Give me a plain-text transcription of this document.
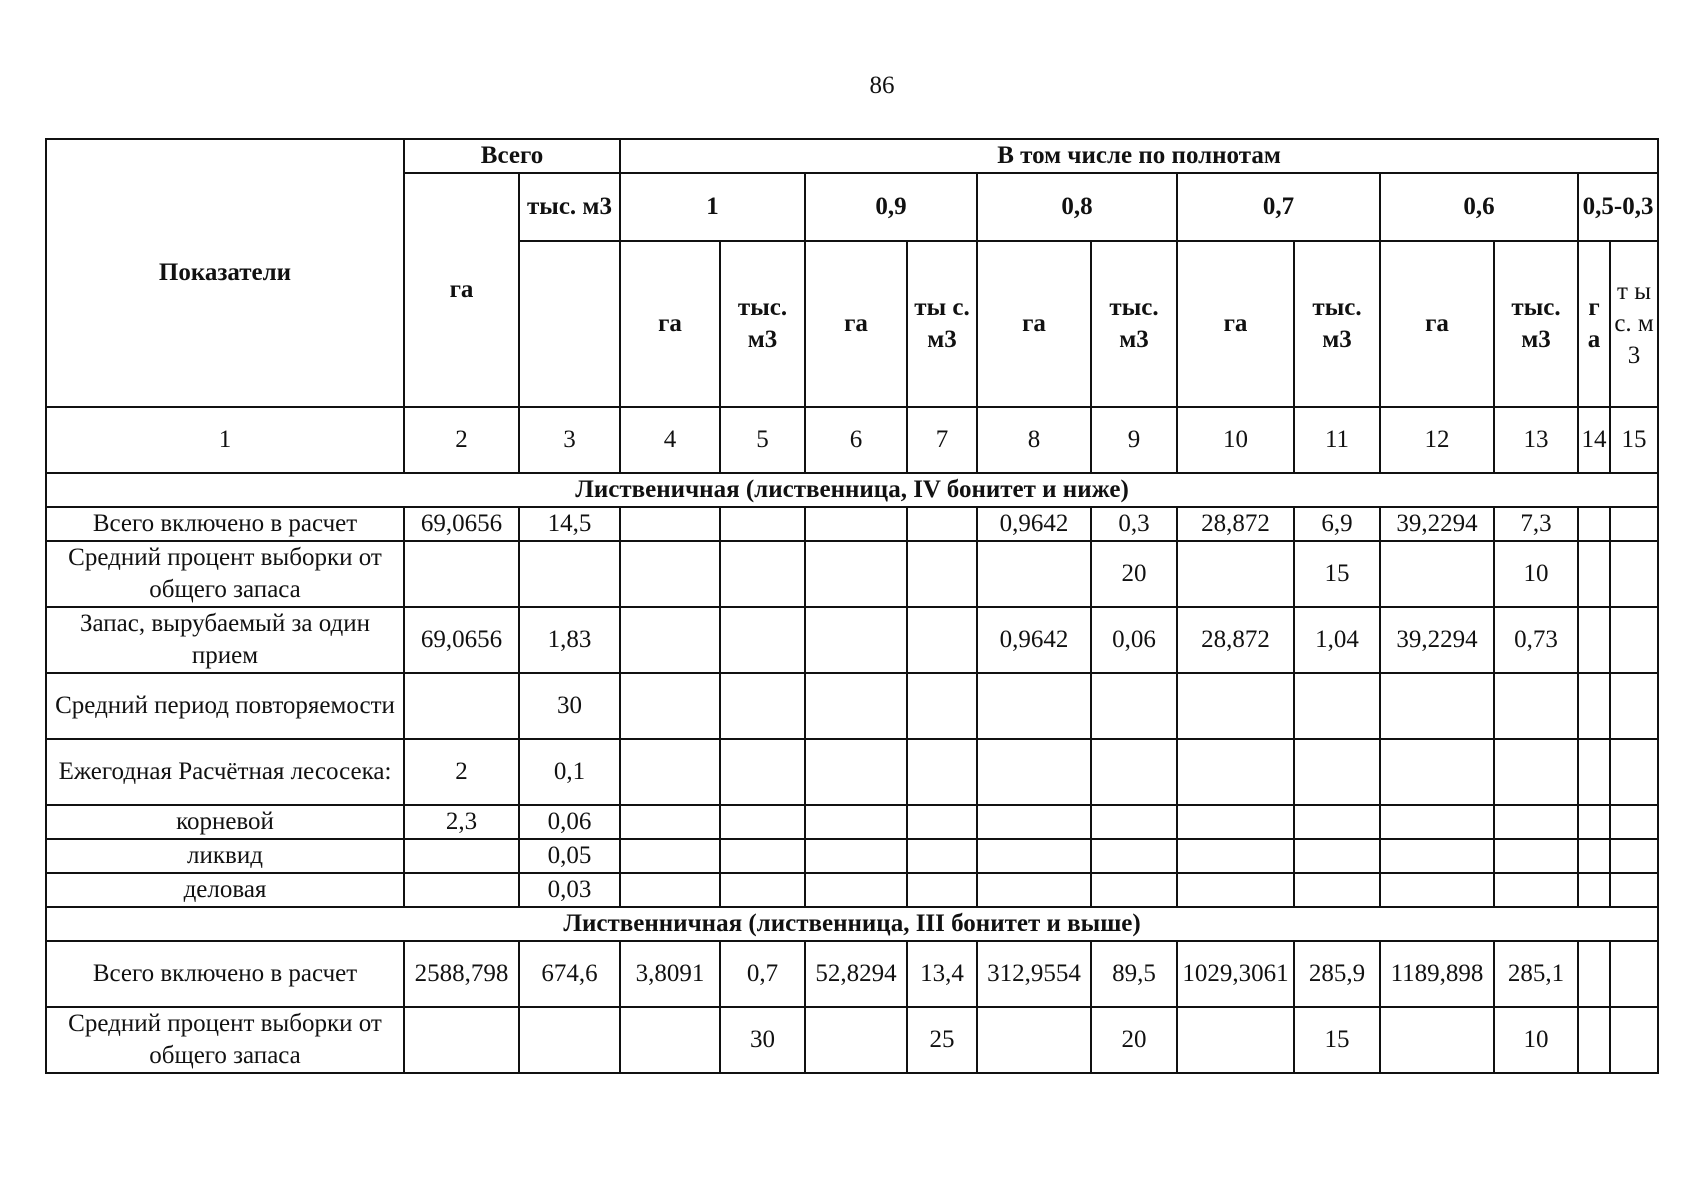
86
Показатели	Всего		В том числе по полнотам											
	га	тыс. м3	1		0,9		0,8		0,7		0,6		0,5-0,3	
			га	тыс. м3	га	ты с. м3	га	тыс. м3	га	тыс. м3	га	тыс. м3	г а	т ы с. м 3
1	2	3	4	5	6	7	8	9	10	11	12	13	14	15
Лиственичная (лиственница, IV бонитет и ниже)														
Всего включено в расчет	69,0656	14,5					0,9642	0,3	28,872	6,9	39,2294	7,3		
Средний процент выборки от общего запаса								20		15		10		
Запас, вырубаемый за один прием	69,0656	1,83					0,9642	0,06	28,872	1,04	39,2294	0,73		
Средний период повторяемости		30												
Ежегодная Расчётная лесосека:	2	0,1												
корневой	2,3	0,06												
ликвид		0,05												
деловая		0,03												
Лиственничная (лиственница, III бонитет и выше)														
Всего включено в расчет	2588,798	674,6	3,8091	0,7	52,8294	13,4	312,9554	89,5	1029,3061	285,9	1189,898	285,1		
Средний процент выборки от общего запаса				30		25		20		15		10		
